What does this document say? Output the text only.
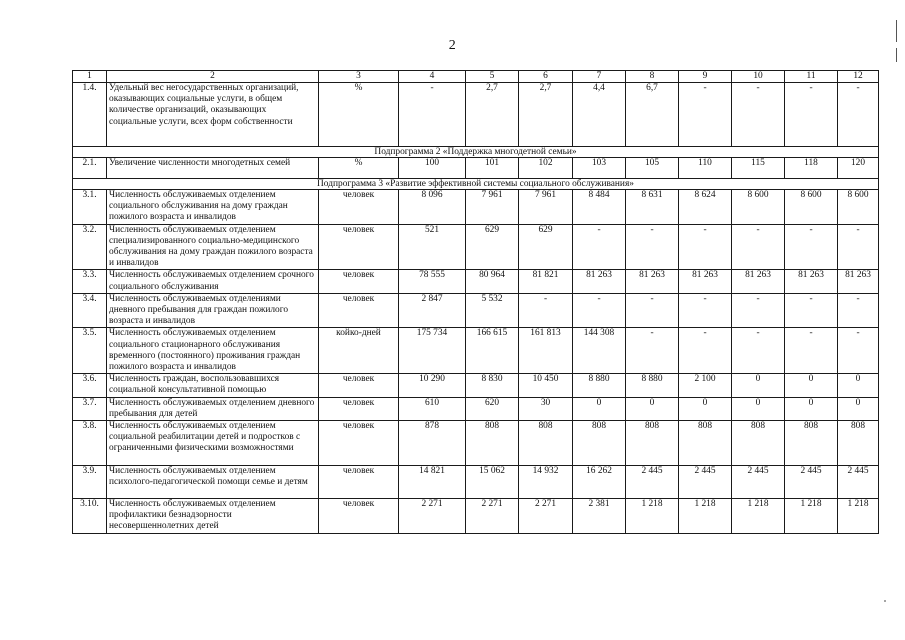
2
1	2	3	4	5	6	7	8	9	10	11	12
1.4.	Удельный вес негосударственных организаций, оказывающих социальные услуги, в общем количестве организаций, оказывающих социальные услуги, всех форм собственности	%	-	2,7	2,7	4,4	6,7	-	-	-	-
Подпрограмма 2 «Поддержка многодетной семьи»											
2.1.	Увеличение численности многодетных семей	%	100	101	102	103	105	110	115	118	120
Подпрограмма 3 «Развитие эффективной системы социального обслуживания»											
3.1.	Численность обслуживаемых отделением социального обслуживания на дому граждан пожилого возраста и инвалидов	человек	8 096	7 961	7 961	8 484	8 631	8 624	8 600	8 600	8 600
3.2.	Численность обслуживаемых отделением специализированного социально-медицинского обслуживания на дому граждан пожилого возраста и инвалидов	человек	521	629	629	-	-	-	-	-	-
3.3.	Численность обслуживаемых отделением срочного социального обслуживания	человек	78 555	80 964	81 821	81 263	81 263	81 263	81 263	81 263	81 263
3.4.	Численность обслуживаемых отделениями дневного пребывания для граждан пожилого возраста и инвалидов	человек	2 847	5 532	-	-	-	-	-	-	-
3.5.	Численность обслуживаемых отделением социального стационарного обслуживания временного (постоянного) проживания граждан пожилого возраста и инвалидов	койко-дней	175 734	166 615	161 813	144 308	-	-	-	-	-
3.6.	Численность граждан, воспользовавшихся социальной консультативной помощью	человек	10 290	8 830	10 450	8 880	8 880	2 100	0	0	0
3.7.	Численность обслуживаемых отделением дневного пребывания для детей	человек	610	620	30	0	0	0	0	0	0
3.8.	Численность обслуживаемых отделением социальной реабилитации детей и подростков с ограниченными физическими возможностями	человек	878	808	808	808	808	808	808	808	808
3.9.	Численность обслуживаемых отделением психолого-педагогической помощи семье и детям	человек	14 821	15 062	14 932	16 262	2 445	2 445	2 445	2 445	2 445
3.10.	Численность обслуживаемых отделением профилактики безнадзорности несовершеннолетних детей	человек	2 271	2 271	2 271	2 381	1 218	1 218	1 218	1 218	1 218
